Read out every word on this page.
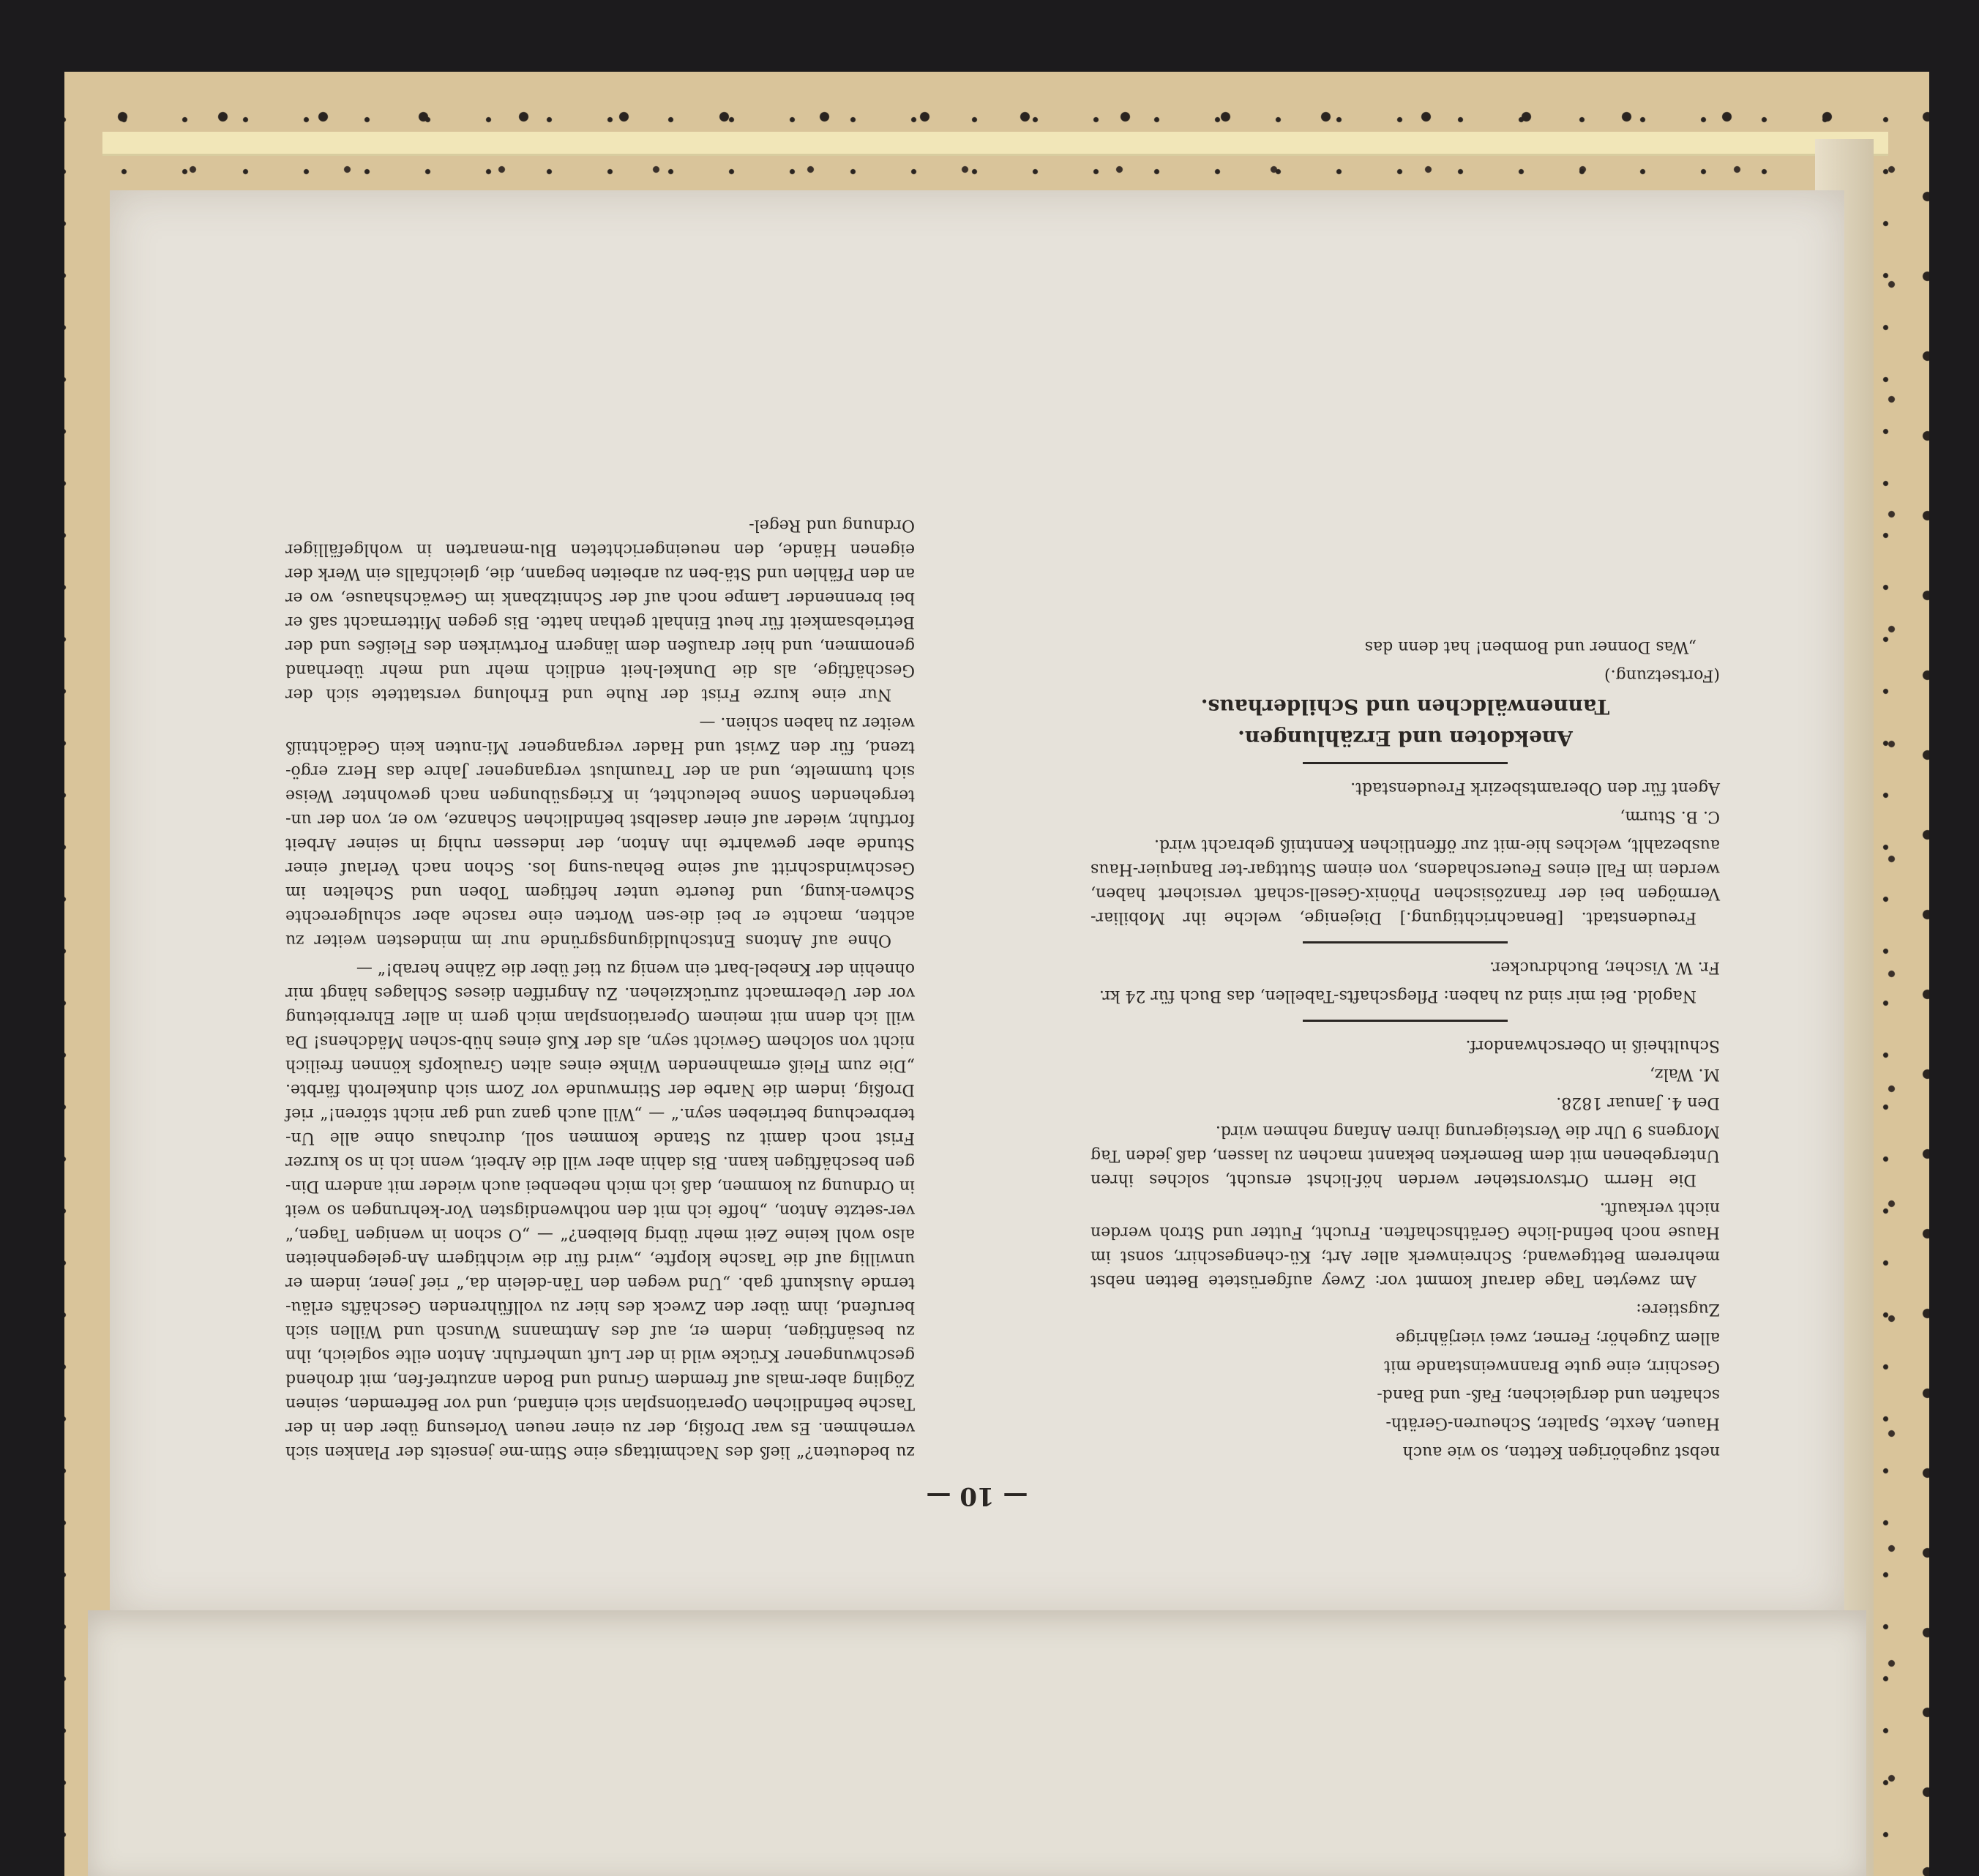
— 10 —

nebst zugehörigen Ketten, so wie auch

Hauen, Aexte, Spalter, Scheuren-Geräth-

schaften und dergleichen; Faß- und Band-

Geschirr, eine gute Brannweinstande mit

allem Zugehör; Ferner, zwei vierjährige

Zugstiere:

Am zweyten Tage darauf kommt vor: Zwey aufgerüstete Betten nebst mehrerem Bettgewand; Schreinwerk aller Art; Kü-chengeschirr, sonst im Hause noch befind-liche Geräthschaften. Frucht, Futter und Stroh werden nicht verkauft.

Die Herrn Ortsvorsteher werden höf-lichst ersucht, solches ihren Untergebenen mit dem Bemerken bekannt machen zu lassen, daß jeden Tag Morgens 9 Uhr die Versteigerung ihren Anfang nehmen wird.

Den 4. Januar 1828.

M. Walz,

Schultheiß in Oberschwandorf.

Nagold. Bei mir sind zu haben: Pflegschafts-Tabellen, das Buch für 24 kr.

Fr. W. Vischer, Buchdrucker.

Freudenstadt. [Benachrichtigung.] Diejenige, welche ihr Mobiliar-Vermögen bei der französischen Phönix-Gesell-schaft versichert haben, werden im Fall eines Feuerschadens, von einem Stuttgar-ter Banquier-Haus ausbezahlt, welches hie-mit zur öffentlichen Kenntniß gebracht wird.

C. B. Sturm,

Agent für den Oberamtsbezirk Freudenstadt.

Anekdoten und Erzählungen.
Tannenwäldchen und Schilderhaus.

(Fortsetzung.)

„Was Donner und Bomben! hat denn das

zu bedeuten?“ ließ des Nachmittags eine Stim-me jenseits der Planken sich vernehmen. Es war Droßig, der zu einer neuen Vorlesung über den in der Tasche befindlichen Operationsplan sich einfand, und vor Befremden, seinen Zögling aber-mals auf fremdem Grund und Boden anzutref-fen, mit drohend geschwungener Krücke wild in der Luft umherfuhr. Anton eilte sogleich, ihn zu besänftigen, indem er, auf des Amtmanns Wunsch und Willen sich berufend, ihm über den Zweck des hier zu vollführenden Geschäfts erläu-ternde Auskunft gab. „Und wegen den Tän-delein da,“ rief jener, indem er unwillig auf die Tasche klopfte, „wird für die wichtigern An-gelegenheiten also wohl keine Zeit mehr übrig bleiben?“ — „O schon in wenigen Tagen,“ ver-setzte Anton, „hoffe ich mit den nothwendigsten Vor-kehrungen so weit in Ordnung zu kommen, daß ich mich nebenbei auch wieder mit andern Din-gen beschäftigen kann. Bis dahin aber will die Arbeit, wenn ich in so kurzer Frist noch damit zu Stande kommen soll, durchaus ohne alle Un-terbrechung betrieben seyn.“ — „Will auch ganz und gar nicht stören!“ rief Droßig, indem die Narbe der Stirnwunde vor Zorn sich dunkelroth färbte. „Die zum Fleiß ermahnenden Winke eines alten Graukopfs können freilich nicht von solchem Gewicht seyn, als der Kuß eines hüb-schen Mädchens! Da will ich denn mit meinem Operationsplan mich gern in aller Ehrerbietung vor der Uebermacht zurückziehen. Zu Angriffen dieses Schlages hängt mir ohnehin der Knebel-bart ein wenig zu tief über die Zähne herab!“ —

Ohne auf Antons Entschuldigungsgründe nur im mindesten weiter zu achten, machte er bei die-sen Worten eine rasche aber schulgerechte Schwen-kung, und feuerte unter heftigem Toben und Schelten im Geschwindschritt auf seine Behau-sung los. Schon nach Verlauf einer Stunde aber gewahrte ihn Anton, der indessen ruhig in seiner Arbeit fortfuhr, wieder auf einer daselbst befindlichen Schanze, wo er, von der un-tergehenden Sonne beleuchtet, in Kriegsübungen nach gewohnter Weise sich tummelte, und an der Traumlust vergangener Jahre das Herz ergö-tzend, für den Zwist und Hader vergangener Mi-nuten kein Gedächtniß weiter zu haben schien. —

Nur eine kurze Frist der Ruhe und Erholung verstattete sich der Geschäftige, als die Dunkel-heit endlich mehr und mehr überhand genommen, und hier draußen dem längern Fortwirken des Fleißes und der Betriebsamkeit für heut Einhalt gethan hatte. Bis gegen Mitternacht saß er bei brennender Lampe noch auf der Schnitzbank im Gewächshause, wo er an den Pfählen und Stä-ben zu arbeiten begann, die, gleichfalls ein Werk der eigenen Hände, den neueingerichteten Blu-menarten in wohlgefälliger Ordnung und Regel-
